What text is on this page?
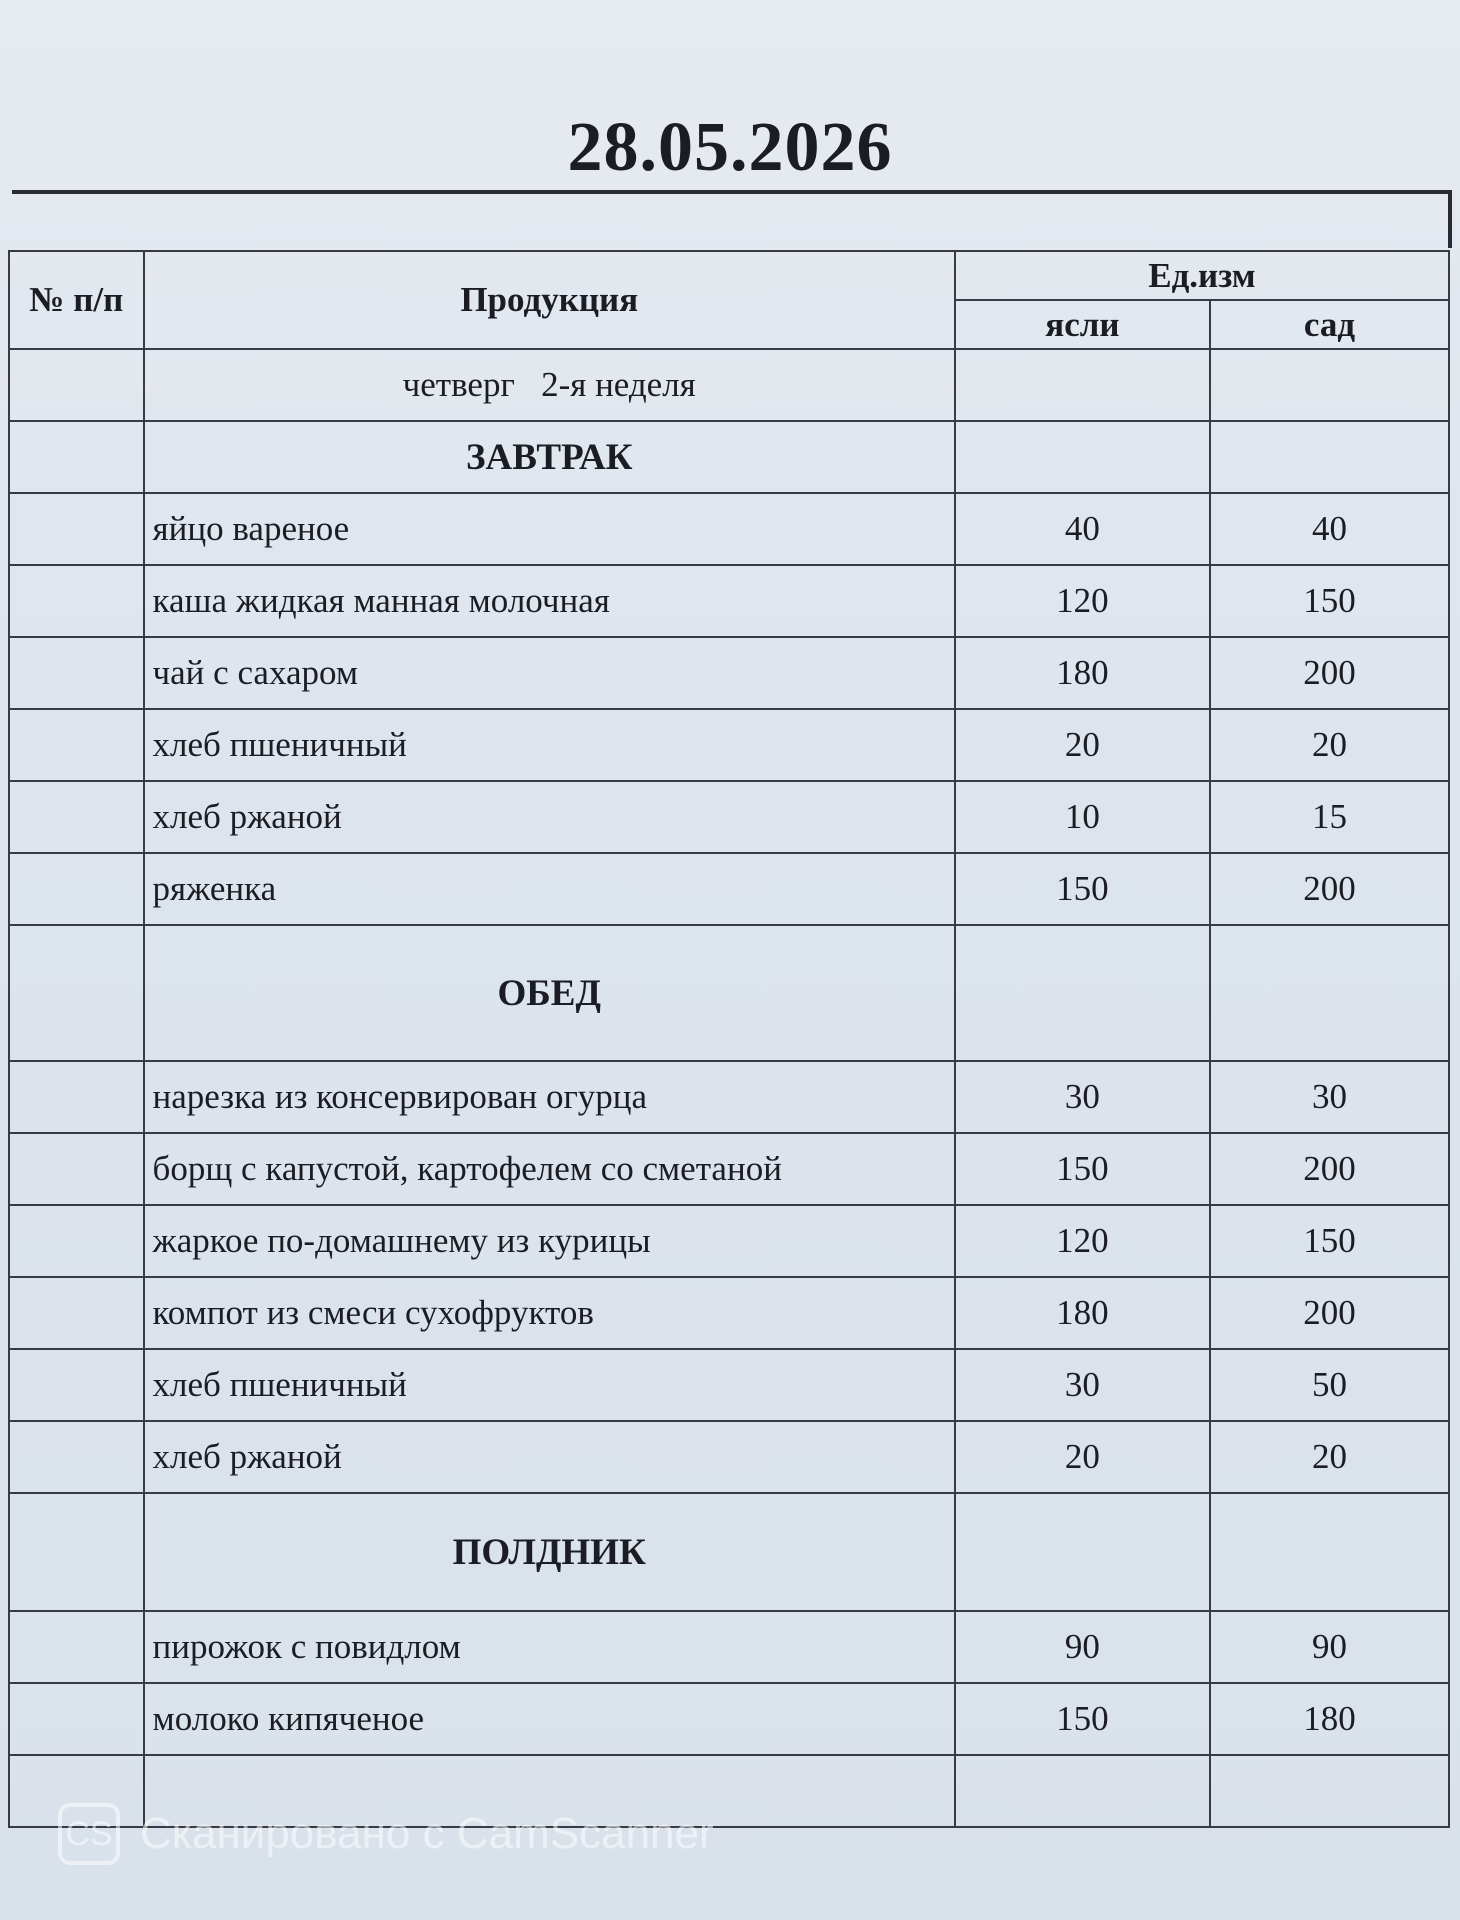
28.05.2026
№ п/п	Продукция	Ед.изм	
		ясли	сад
	четверг   2-я неделя		
	ЗАВТРАК		
	яйцо вареное	40	40
	каша жидкая манная молочная	120	150
	чай с сахаром	180	200
	хлеб пшеничный	20	20
	хлеб ржаной	10	15
	ряженка	150	200
	ОБЕД		
	нарезка из консервирован огурца	30	30
	борщ с капустой, картофелем со сметаной	150	200
	жаркое по-домашнему из курицы	120	150
	компот из смеси сухофруктов	180	200
	хлеб пшеничный	30	50
	хлеб ржаной	20	20
	ПОЛДНИК		
	пирожок с повидлом	90	90
	молоко кипяченое	150	180

CS Сканировано с CamScanner
